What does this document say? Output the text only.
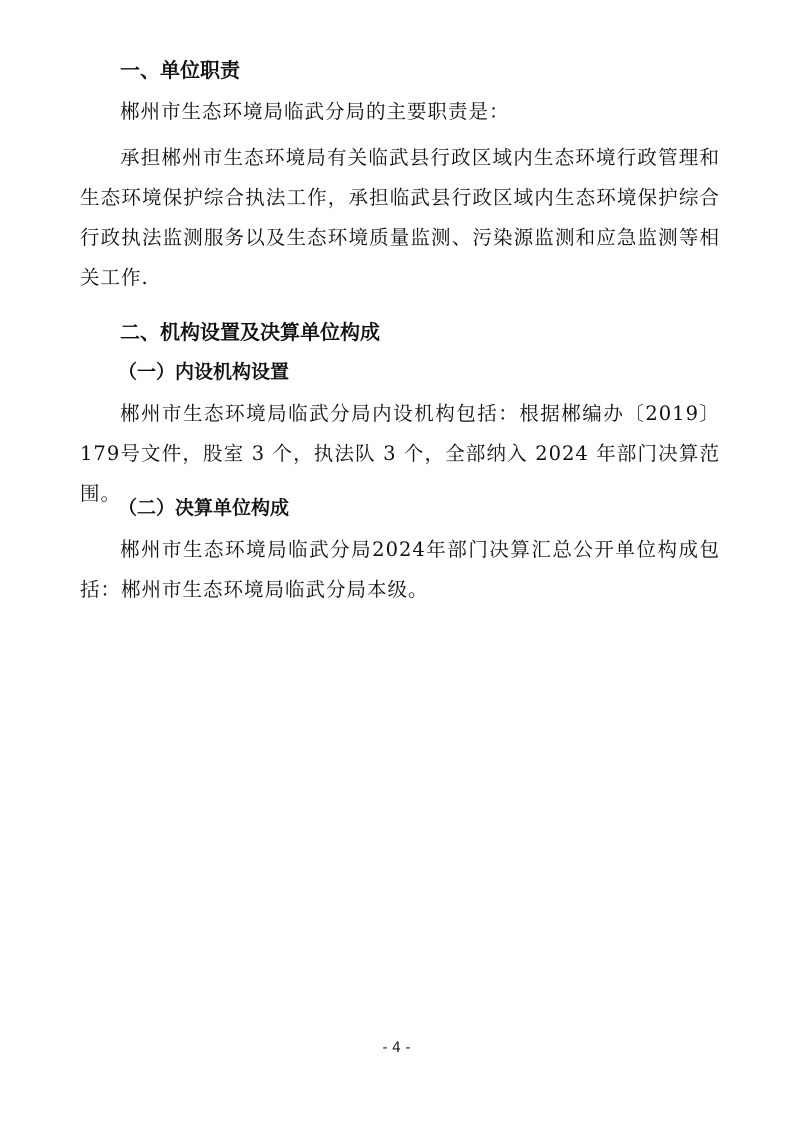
一、单位职责
郴州市生态环境局临武分局的主要职责是：
承担郴州市生态环境局有关临武县行政区域内生态环境行政管理和生态环境保护综合执法工作，承担临武县行政区域内生态环境保护综合行政执法监测服务以及生态环境质量监测、污染源监测和应急监测等相关工作.
二、机构设置及决算单位构成
（一）内设机构设置
郴州市生态环境局临武分局内设机构包括：根据郴编办〔2019〕179号文件，股室 3 个，执法队 3 个，全部纳入 2024 年部门决算范围。
（二）决算单位构成
郴州市生态环境局临武分局2024年部门决算汇总公开单位构成包括：郴州市生态环境局临武分局本级。
- 4 -
